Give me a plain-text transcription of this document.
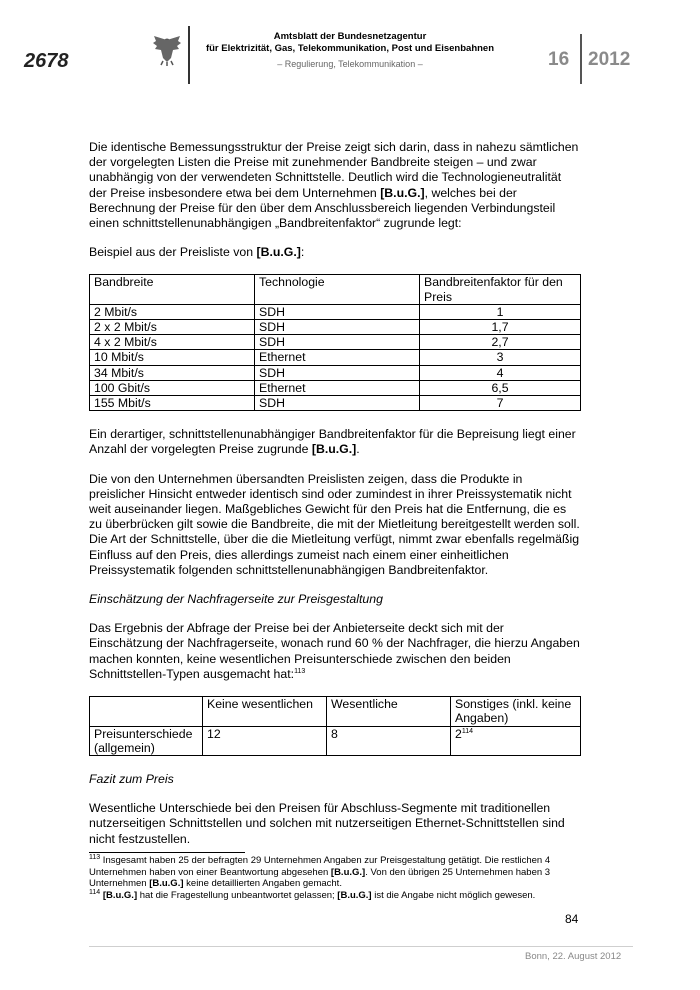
2678
Amtsblatt der Bundesnetzagentur
für Elektrizität, Gas, Telekommunikation, Post und Eisenbahnen
– Regulierung, Telekommunikation –	16 2012

Die identische Bemessungsstruktur der Preise zeigt sich darin, dass in nahezu sämtlichen der vorgelegten Listen die Preise mit zunehmender Bandbreite steigen – und zwar unabhängig von der verwendeten Schnittstelle. Deutlich wird die Technologieneutralität der Preise insbesondere etwa bei dem Unternehmen [B.u.G.], welches bei der Berechnung der Preise für den über dem Anschlussbereich liegenden Verbindungsteil einen schnittstellenunabhängigen „Bandbreitenfaktor“ zugrunde legt:

Beispiel aus der Preisliste von [B.u.G.]:

Bandbreite	Technologie	Bandbreitenfaktor für den Preis
2 Mbit/s	SDH	1
2 x 2 Mbit/s	SDH	1,7
4 x 2 Mbit/s	SDH	2,7
10 Mbit/s	Ethernet	3
34 Mbit/s	SDH	4
100 Gbit/s	Ethernet	6,5
155 Mbit/s	SDH	7

Ein derartiger, schnittstellenunabhängiger Bandbreitenfaktor für die Bepreisung liegt einer Anzahl der vorgelegten Preise zugrunde [B.u.G.].

Die von den Unternehmen übersandten Preislisten zeigen, dass die Produkte in preislicher Hinsicht entweder identisch sind oder zumindest in ihrer Preissystematik nicht weit auseinander liegen. Maßgebliches Gewicht für den Preis hat die Entfernung, die es zu überbrücken gilt sowie die Bandbreite, die mit der Mietleitung bereitgestellt werden soll. Die Art der Schnittstelle, über die die Mietleitung verfügt, nimmt zwar ebenfalls regelmäßig Einfluss auf den Preis, dies allerdings zumeist nach einem einer einheitlichen Preissystematik folgenden schnittstellenunabhängigen Bandbreitenfaktor.

Einschätzung der Nachfragerseite zur Preisgestaltung

Das Ergebnis der Abfrage der Preise bei der Anbieterseite deckt sich mit der Einschätzung der Nachfragerseite, wonach rund 60 % der Nachfrager, die hierzu Angaben machen konnten, keine wesentlichen Preisunterschiede zwischen den beiden Schnittstellen-Typen ausgemacht hat:$^{113}$

	Keine wesentlichen	Wesentliche	Sonstiges (inkl. keine Angaben)
Preisunterschiede (allgemein)	12	8	$2^{114}$

Fazit zum Preis

Wesentliche Unterschiede bei den Preisen für Abschluss-Segmente mit traditionellen nutzerseitigen Schnittstellen und solchen mit nutzerseitigen Ethernet-Schnittstellen sind nicht festzustellen.

$^{113}$ Insgesamt haben 25 der befragten 29 Unternehmen Angaben zur Preisgestaltung getätigt. Die restlichen 4 Unternehmen haben von einer Beantwortung abgesehen [B.u.G.]. Von den übrigen 25 Unternehmen haben 3 Unternehmen [B.u.G.] keine detaillierten Angaben gemacht.
$^{114}$ [B.u.G.] hat die Fragestellung unbeantwortet gelassen; [B.u.G.] ist die Angabe nicht möglich gewesen.
84
Bonn, 22. August 2012
